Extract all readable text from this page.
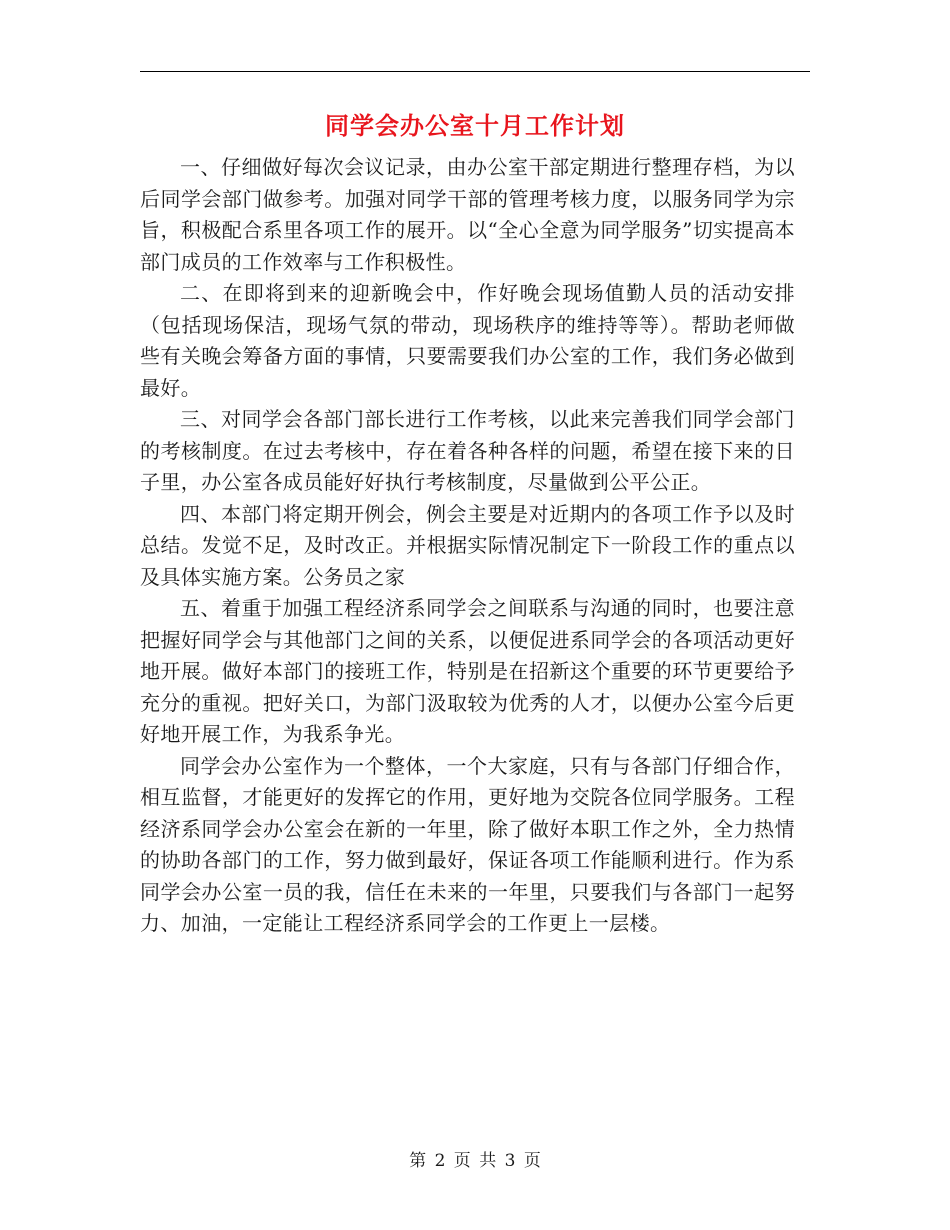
同学会办公室十月工作计划

一、仔细做好每次会议记录，由办公室干部定期进行整理存档，为以后同学会部门做参考。加强对同学干部的管理考核力度，以服务同学为宗旨，积极配合系里各项工作的展开。以“全心全意为同学服务”切实提高本部门成员的工作效率与工作积极性。

二、在即将到来的迎新晚会中，作好晚会现场值勤人员的活动安排（包括现场保洁，现场气氛的带动，现场秩序的维持等等）。帮助老师做些有关晚会筹备方面的事情，只要需要我们办公室的工作，我们务必做到最好。

三、对同学会各部门部长进行工作考核，以此来完善我们同学会部门的考核制度。在过去考核中，存在着各种各样的问题，希望在接下来的日子里，办公室各成员能好好执行考核制度，尽量做到公平公正。

四、本部门将定期开例会，例会主要是对近期内的各项工作予以及时总结。发觉不足，及时改正。并根据实际情况制定下一阶段工作的重点以及具体实施方案。公务员之家

五、着重于加强工程经济系同学会之间联系与沟通的同时，也要注意把握好同学会与其他部门之间的关系，以便促进系同学会的各项活动更好地开展。做好本部门的接班工作，特别是在招新这个重要的环节更要给予充分的重视。把好关口，为部门汲取较为优秀的人才，以便办公室今后更好地开展工作，为我系争光。

同学会办公室作为一个整体，一个大家庭，只有与各部门仔细合作，相互监督，才能更好的发挥它的作用，更好地为交院各位同学服务。工程经济系同学会办公室会在新的一年里，除了做好本职工作之外，全力热情的协助各部门的工作，努力做到最好，保证各项工作能顺利进行。作为系同学会办公室一员的我，信任在未来的一年里，只要我们与各部门一起努力、加油，一定能让工程经济系同学会的工作更上一层楼。

第 2 页 共 3 页
